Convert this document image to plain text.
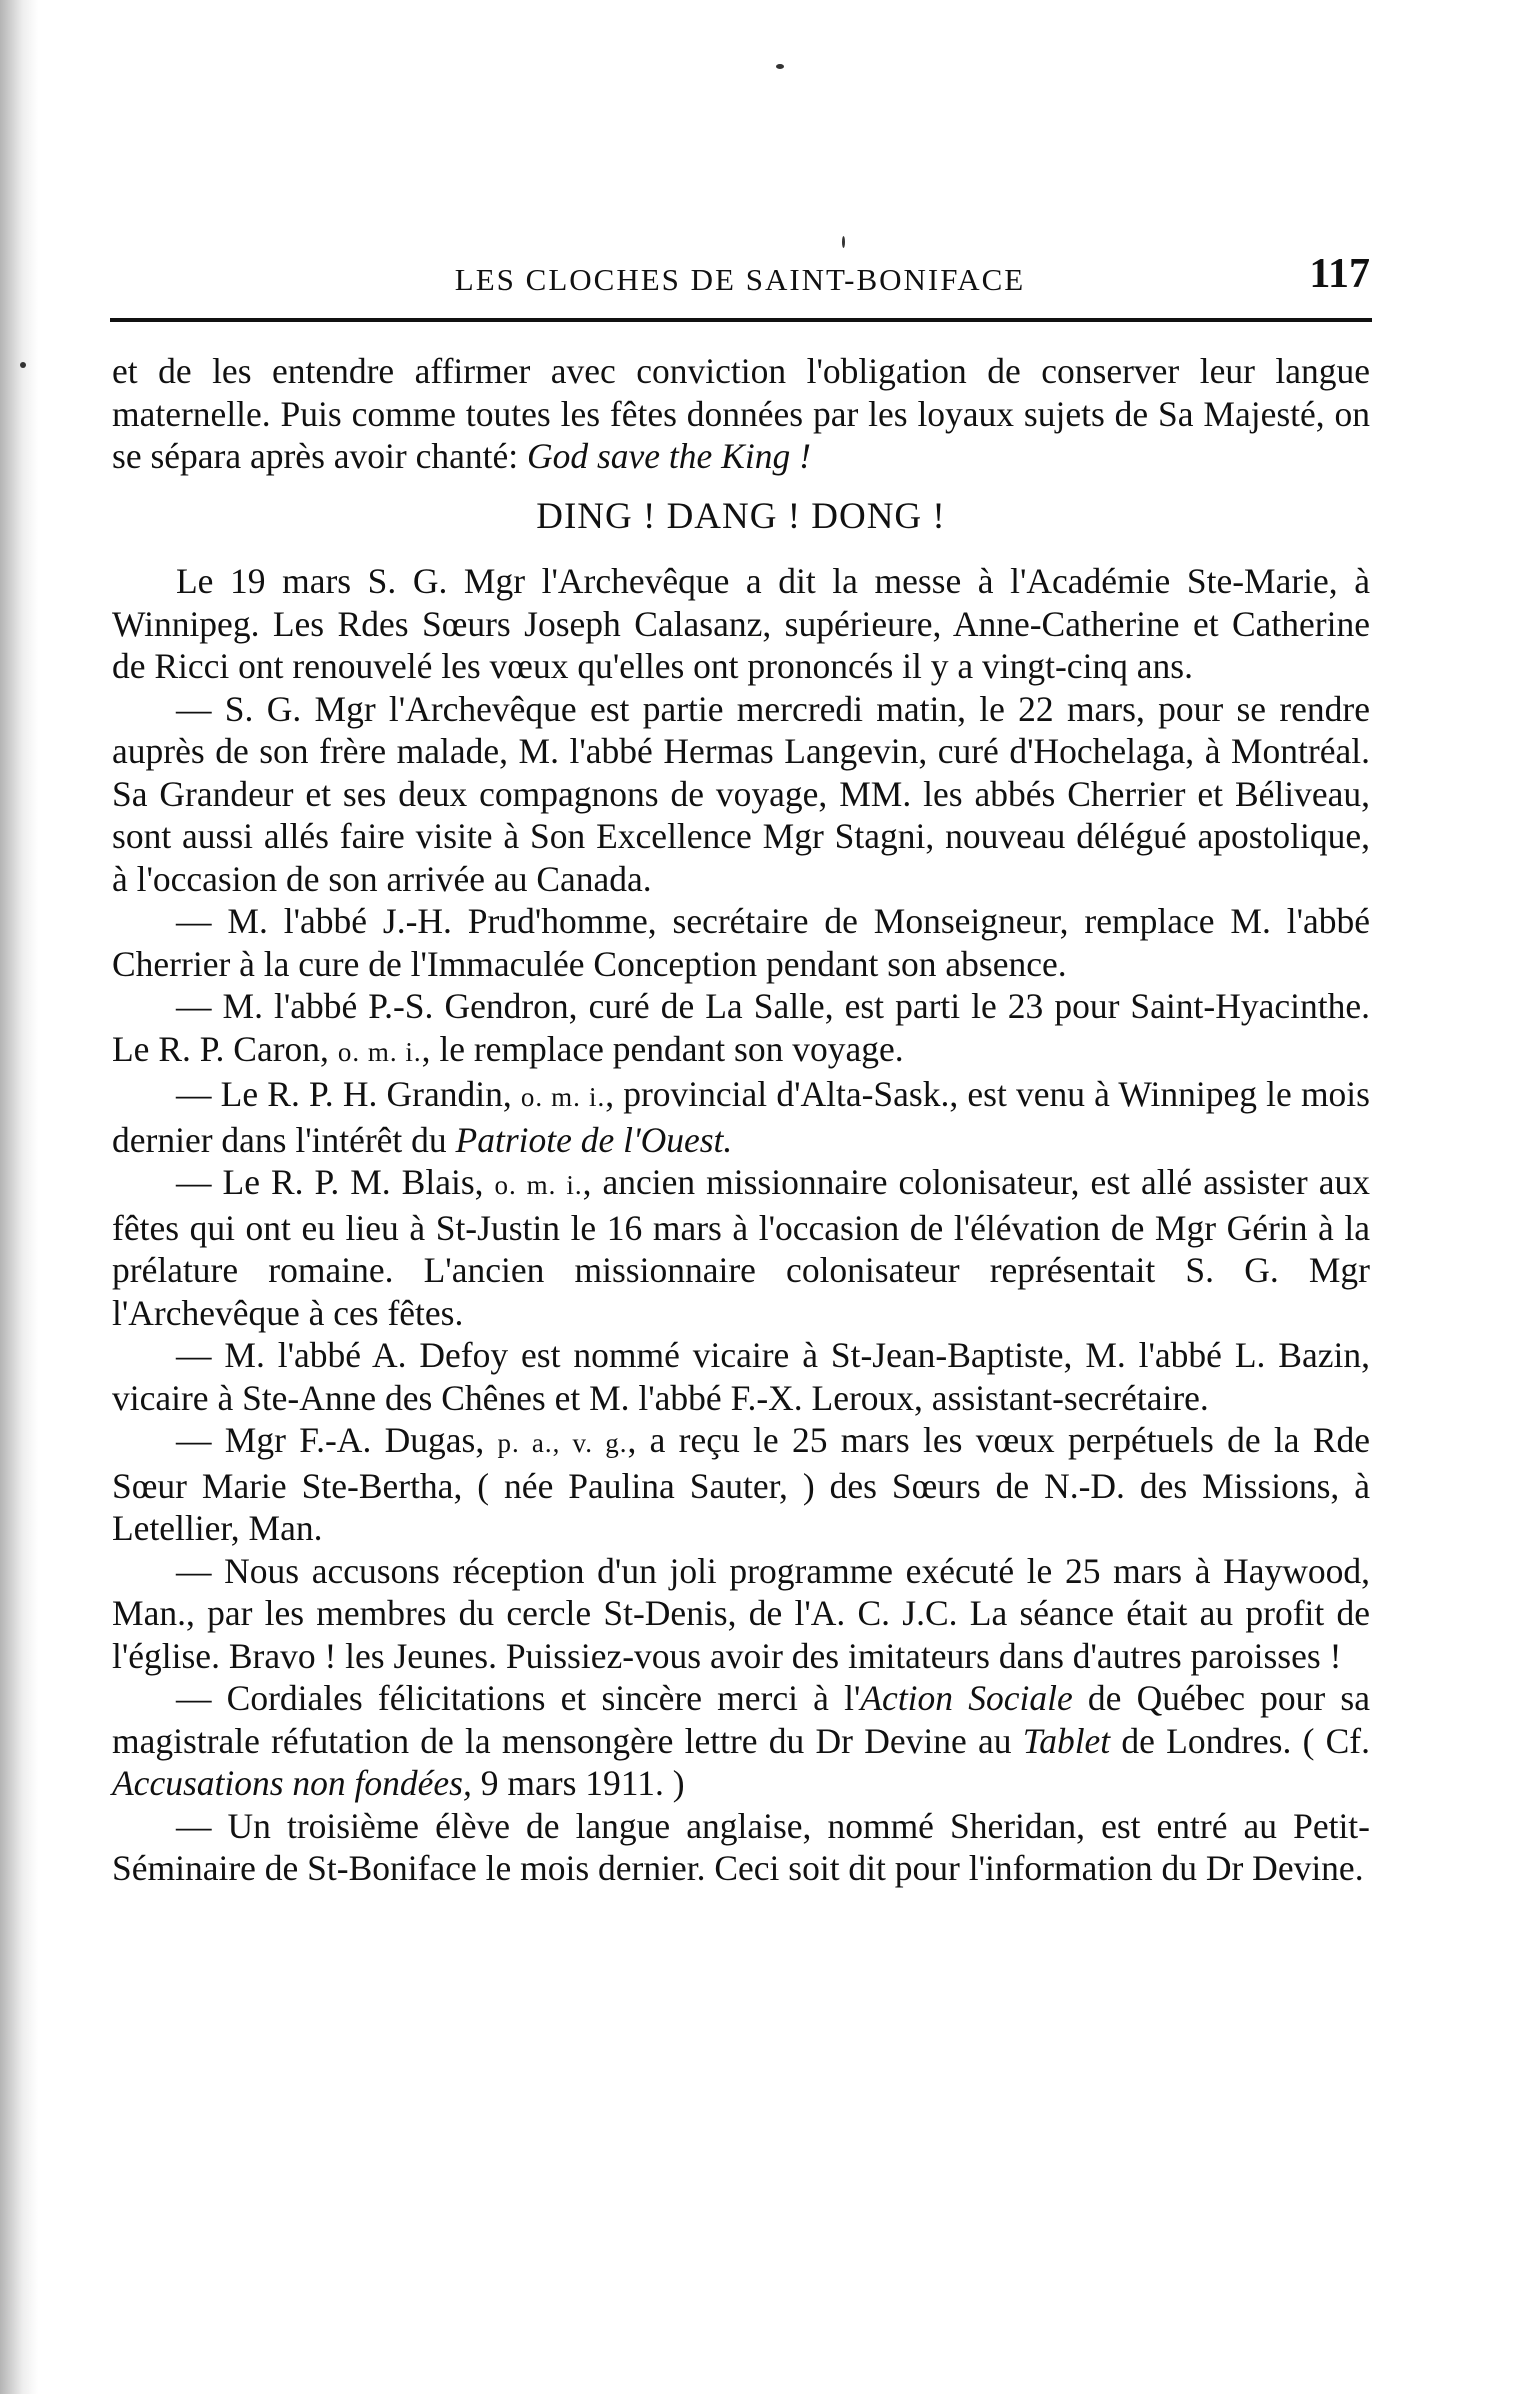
LES CLOCHES DE SAINT-BONIFACE	117

et de les entendre affirmer avec conviction l'obligation de conserver leur langue maternelle. Puis comme toutes les fêtes données par les loyaux sujets de Sa Majesté, on se sépara après avoir chanté: God save the King !

DING ! DANG ! DONG !

Le 19 mars S. G. Mgr l'Archevêque a dit la messe à l'Académie Ste-Marie, à Winnipeg. Les Rdes Sœurs Joseph Calasanz, supérieure, Anne-Catherine et Catherine de Ricci ont renouvelé les vœux qu'elles ont prononcés il y a vingt-cinq ans.

— S. G. Mgr l'Archevêque est partie mercredi matin, le 22 mars, pour se rendre auprès de son frère malade, M. l'abbé Hermas Langevin, curé d'Hochelaga, à Montréal. Sa Grandeur et ses deux compagnons de voyage, MM. les abbés Cherrier et Béliveau, sont aussi allés faire visite à Son Excellence Mgr Stagni, nouveau délégué apostolique, à l'occasion de son arrivée au Canada.

— M. l'abbé J.-H. Prud'homme, secrétaire de Monseigneur, remplace M. l'abbé Cherrier à la cure de l'Immaculée Conception pendant son absence.

— M. l'abbé P.-S. Gendron, curé de La Salle, est parti le 23 pour Saint-Hyacinthe. Le R. P. Caron, o. m. i., le remplace pendant son voyage.

— Le R. P. H. Grandin, o. m. i., provincial d'Alta-Sask., est venu à Winnipeg le mois dernier dans l'intérêt du Patriote de l'Ouest.

— Le R. P. M. Blais, o. m. i., ancien missionnaire colonisateur, est allé assister aux fêtes qui ont eu lieu à St-Justin le 16 mars à l'occasion de l'élévation de Mgr Gérin à la prélature romaine. L'ancien missionnaire colonisateur représentait S. G. Mgr l'Archevêque à ces fêtes.

— M. l'abbé A. Defoy est nommé vicaire à St-Jean-Baptiste, M. l'abbé L. Bazin, vicaire à Ste-Anne des Chênes et M. l'abbé F.-X. Leroux, assistant-secrétaire.

— Mgr F.-A. Dugas, p. a., v. g., a reçu le 25 mars les vœux perpétuels de la Rde Sœur Marie Ste-Bertha, ( née Paulina Sauter, ) des Sœurs de N.-D. des Missions, à Letellier, Man.

— Nous accusons réception d'un joli programme exécuté le 25 mars à Haywood, Man., par les membres du cercle St-Denis, de l'A. C. J.C. La séance était au profit de l'église. Bravo ! les Jeunes. Puissiez-vous avoir des imitateurs dans d'autres paroisses !

— Cordiales félicitations et sincère merci à l'Action Sociale de Québec pour sa magistrale réfutation de la mensongère lettre du Dr Devine au Tablet de Londres. ( Cf. Accusations non fondées, 9 mars 1911. )

— Un troisième élève de langue anglaise, nommé Sheridan, est entré au Petit-Séminaire de St-Boniface le mois dernier. Ceci soit dit pour l'information du Dr Devine.
